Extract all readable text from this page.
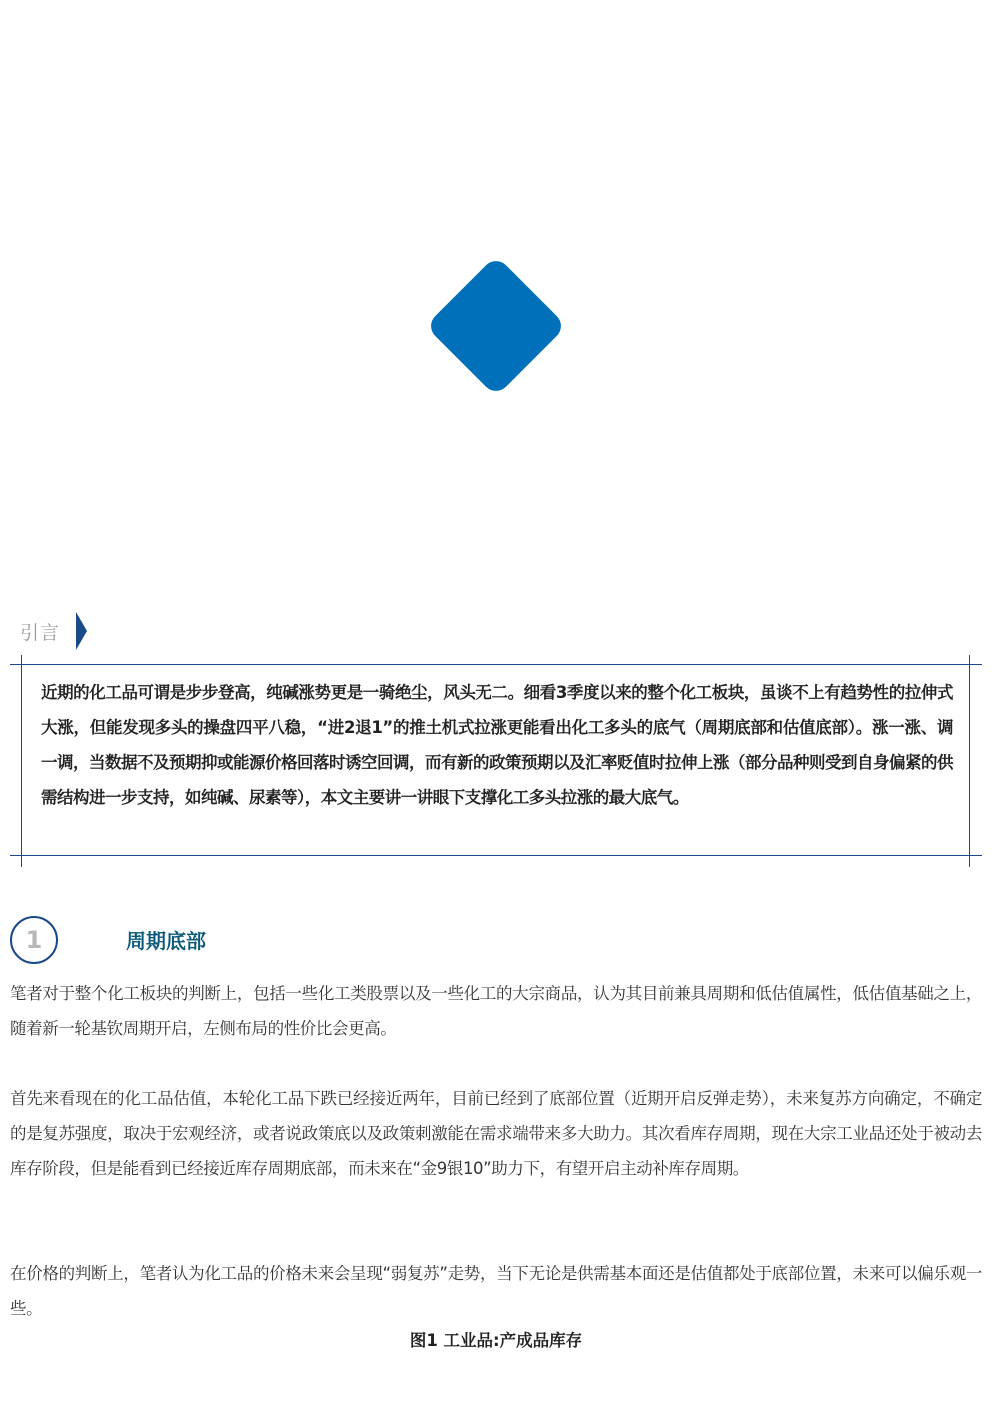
引言
近期的化工品可谓是步步登高，纯碱涨势更是一骑绝尘，风头无二。细看3季度以来的整个化工板块，虽谈不上有趋势性的拉伸式大涨，但能发现多头的操盘四平八稳，“进2退1”的推土机式拉涨更能看出化工多头的底气（周期底部和估值底部）。涨一涨、调一调，当数据不及预期抑或能源价格回落时诱空回调，而有新的政策预期以及汇率贬值时拉伸上涨（部分品种则受到自身偏紧的供需结构进一步支持，如纯碱、尿素等），本文主要讲一讲眼下支撑化工多头拉涨的最大底气。
1	周期底部

笔者对于整个化工板块的判断上，包括一些化工类股票以及一些化工的大宗商品，认为其目前兼具周期和低估值属性，低估值基础之上，随着新一轮基钦周期开启，左侧布局的性价比会更高。

首先来看现在的化工品估值，本轮化工品下跌已经接近两年，目前已经到了底部位置（近期开启反弹走势），未来复苏方向确定，不确定的是复苏强度，取决于宏观经济，或者说政策底以及政策刺激能在需求端带来多大助力。其次看库存周期，现在大宗工业品还处于被动去库存阶段，但是能看到已经接近库存周期底部，而未来在“金9银10”助力下，有望开启主动补库存周期。

在价格的判断上，笔者认为化工品的价格未来会呈现“弱复苏”走势，当下无论是供需基本面还是估值都处于底部位置，未来可以偏乐观一些。

图1 工业品:产成品库存
